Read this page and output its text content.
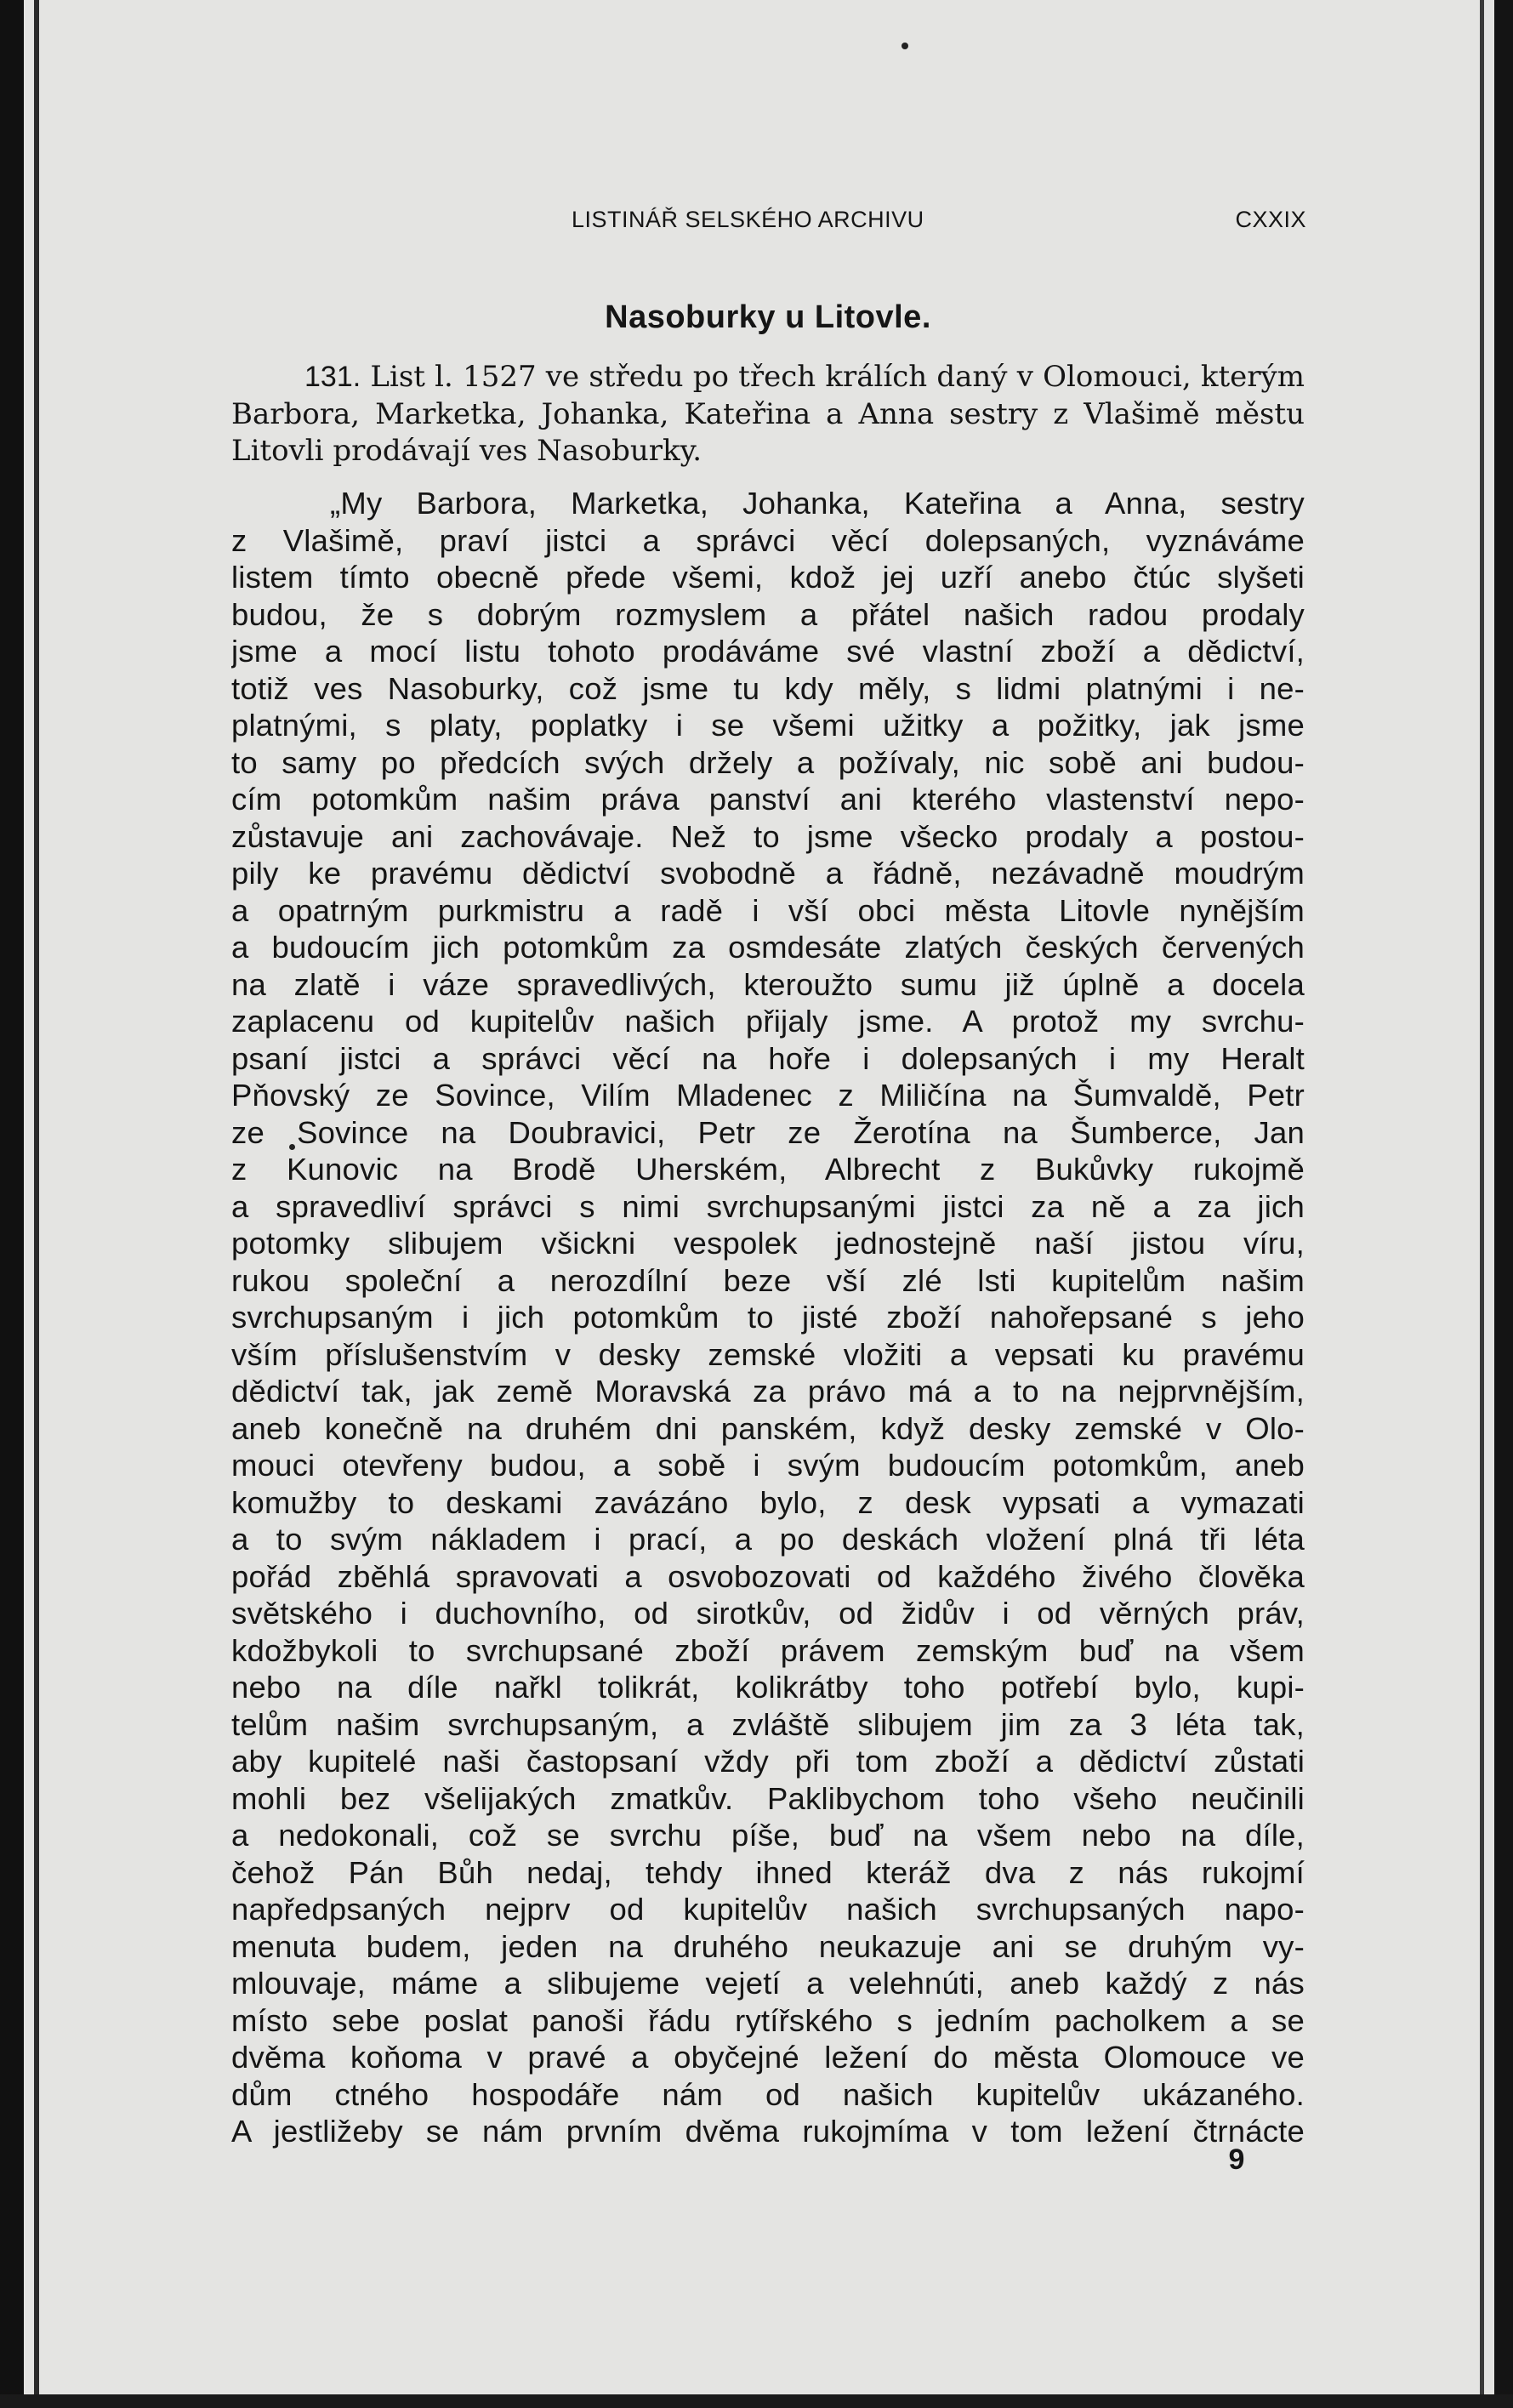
LISTINÁŘ SELSKÉHO ARCHIVU	CXXIX
Nasoburky u Litovle.
131. List l. 1527 ve středu po třech králích daný v Olomouci, kterým Barbora, Marketka, Johanka, Kateřina a Anna sestry z Vlašimě městu Litovli prodávají ves Nasoburky.
„My Barbora, Marketka, Johanka, Kateřina a Anna, sestry
z Vlašimě, praví jistci a správci věcí dolepsaných, vyznáváme
listem tímto obecně přede všemi, kdož jej uzří anebo čtúc slyšeti
budou, že s dobrým rozmyslem a přátel našich radou prodaly
jsme a mocí listu tohoto prodáváme své vlastní zboží a dědictví,
totiž ves Nasoburky, což jsme tu kdy měly, s lidmi platnými i ne-
platnými, s platy, poplatky i se všemi užitky a požitky, jak jsme
to samy po předcích svých držely a požívaly, nic sobě ani budou-
cím potomkům našim práva panství ani kterého vlastenství nepo-
zůstavuje ani zachovávaje. Než to jsme všecko prodaly a postou-
pily ke pravému dědictví svobodně a řádně, nezávadně moudrým
a opatrným purkmistru a radě i vší obci města Litovle nynějším
a budoucím jich potomkům za osmdesáte zlatých českých červených
na zlatě i váze spravedlivých, kteroužto sumu již úplně a docela
zaplacenu od kupitelův našich přijaly jsme. A protož my svrchu-
psaní jistci a správci věcí na hoře i dolepsaných i my Heralt
Pňovský ze Sovince, Vilím Mladenec z Miličína na Šumvaldě, Petr
ze Sovince na Doubravici, Petr ze Žerotína na Šumberce, Jan
z Kunovic na Brodě Uherském, Albrecht z Bukůvky rukojmě
a spravedliví správci s nimi svrchupsanými jistci za ně a za jich
potomky slibujem všickni vespolek jednostejně naší jistou víru,
rukou společní a nerozdílní beze vší zlé lsti kupitelům našim
svrchupsaným i jich potomkům to jisté zboží nahořepsané s jeho
vším příslušenstvím v desky zemské vložiti a vepsati ku pravému
dědictví tak, jak země Moravská za právo má a to na nejprvnějším,
aneb konečně na druhém dni panském, když desky zemské v Olo-
mouci otevřeny budou, a sobě i svým budoucím potomkům, aneb
komužby to deskami zavázáno bylo, z desk vypsati a vymazati
a to svým nákladem i prací, a po deskách vložení plná tři léta
pořád zběhlá spravovati a osvobozovati od každého živého člověka
světského i duchovního, od sirotkův, od židův i od věrných práv,
kdožbykoli to svrchupsané zboží právem zemským buď na všem
nebo na díle nařkl tolikrát, kolikrátby toho potřebí bylo, kupi-
telům našim svrchupsaným, a zvláště slibujem jim za 3 léta tak,
aby kupitelé naši častopsaní vždy při tom zboží a dědictví zůstati
mohli bez všelijakých zmatkův. Paklibychom toho všeho neučinili
a nedokonali, což se svrchu píše, buď na všem nebo na díle,
čehož Pán Bůh nedaj, tehdy ihned kteráž dva z nás rukojmí
napředpsaných nejprv od kupitelův našich svrchupsaných napo-
menuta budem, jeden na druhého neukazuje ani se druhým vy-
mlouvaje, máme a slibujeme vejetí a velehnúti, aneb každý z nás
místo sebe poslat panoši řádu rytířského s jedním pacholkem a se
dvěma koňoma v pravé a obyčejné ležení do města Olomouce ve
dům ctného hospodáře nám od našich kupitelův ukázaného.
A jestližeby se nám prvním dvěma rukojmíma v tom ležení čtrnácte
9
